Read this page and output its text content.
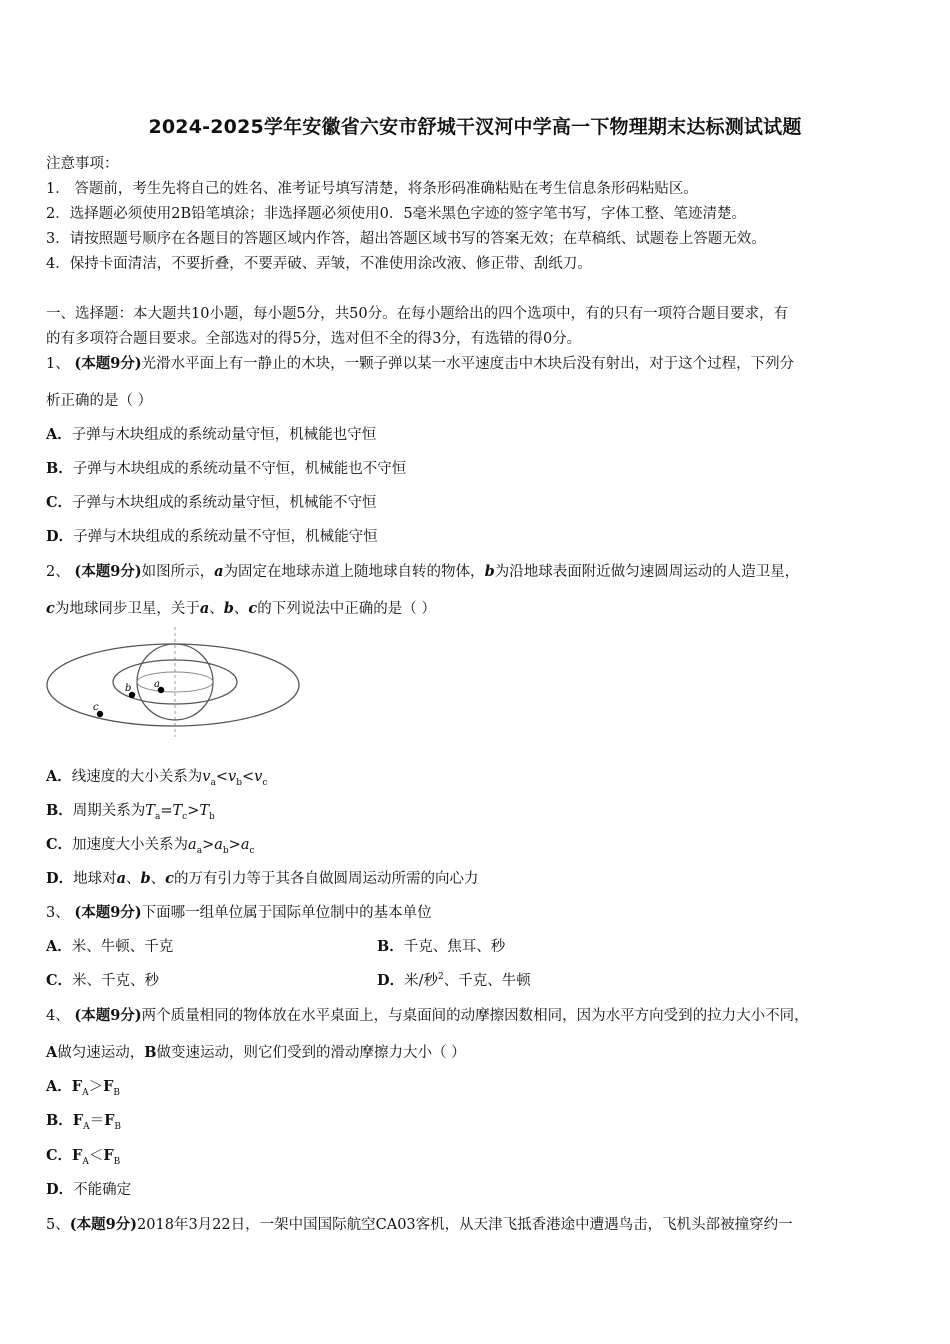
2024-2025学年安徽省六安市舒城干汊河中学高一下物理期末达标测试试题
注意事项：
1． 答题前，考生先将自己的姓名、准考证号填写清楚，将条形码准确粘贴在考生信息条形码粘贴区。
2．选择题必须使用2B铅笔填涂；非选择题必须使用0．5毫米黑色字迹的签字笔书写，字体工整、笔迹清楚。
3．请按照题号顺序在各题目的答题区域内作答，超出答题区域书写的答案无效；在草稿纸、试题卷上答题无效。
4．保持卡面清洁，不要折叠，不要弄破、弄皱，不准使用涂改液、修正带、刮纸刀。
一、选择题：本大题共10小题，每小题5分，共50分。在每小题给出的四个选项中，有的只有一项符合题目要求，有
的有多项符合题目要求。全部选对的得5分，选对但不全的得3分，有选错的得0分。
1、 (本题9分)光滑水平面上有一静止的木块，一颗子弹以某一水平速度击中木块后没有射出，对于这个过程，下列分
析正确的是（ ）
A．子弹与木块组成的系统动量守恒，机械能也守恒
B．子弹与木块组成的系统动量不守恒，机械能也不守恒
C．子弹与木块组成的系统动量守恒，机械能不守恒
D．子弹与木块组成的系统动量不守恒，机械能守恒
2、 (本题9分)如图所示，a为固定在地球赤道上随地球自转的物体，b为沿地球表面附近做匀速圆周运动的人造卫星，
c为地球同步卫星，关于a、b、c的下列说法中正确的是（ ）
a
b
c
A．线速度的大小关系为$v_a<v_b<v_c$
B．周期关系为$T_a=T_c>T_b$
C．加速度大小关系为$a_a>a_b>a_c$
D．地球对a、b、c的万有引力等于其各自做圆周运动所需的向心力
3、 (本题9分)下面哪一组单位属于国际单位制中的基本单位
A．米、牛顿、千克	B．千克、焦耳、秒
C．米、千克、秒	D．米/秒$^2$、千克、牛顿
4、 (本题9分)两个质量相同的物体放在水平桌面上，与桌面间的动摩擦因数相同，因为水平方向受到的拉力大小不同，
A做匀速运动，B做变速运动，则它们受到的滑动摩擦力大小（ ）
A．$F_A>F_B$
B．$F_A=F_B$
C．$F_A<F_B$
D．不能确定
5、(本题9分)2018年3月22日，一架中国国际航空CA03客机，从天津飞抵香港途中遭遇鸟击，飞机头部被撞穿约一
